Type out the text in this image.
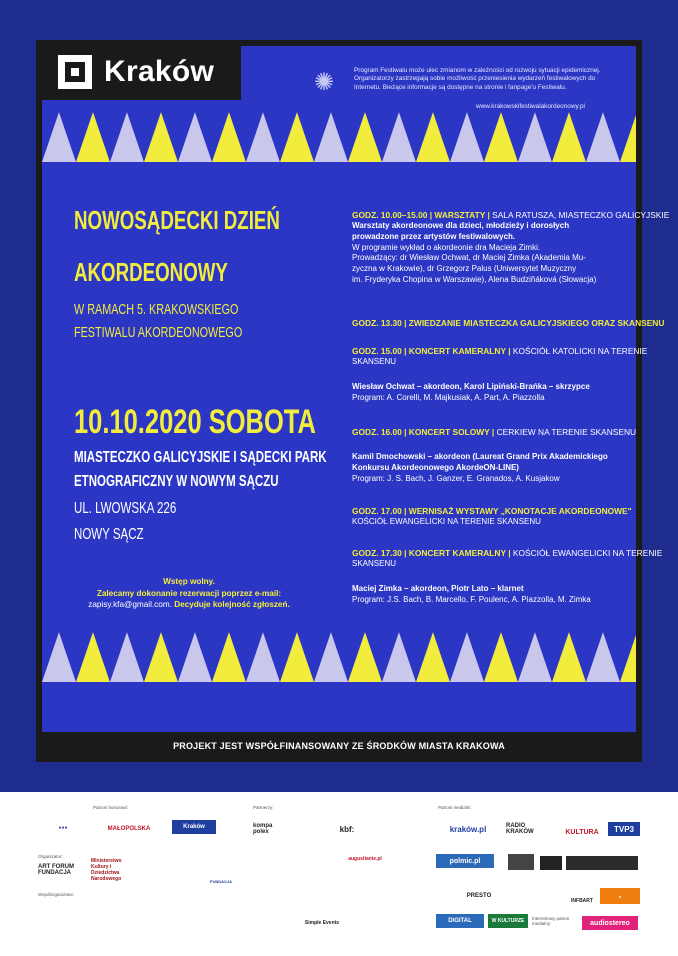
Kraków	✺	Program Festiwalu może ulec zmianom w zależności od rozwoju sytuacji epidemicznej. Organizatorzy zastrzegają sobie możliwość przeniesienia wydarzeń festiwalowych do Internetu. Bieżące informacje są dostępne na stronie i fanpage'u Festiwalu.
www.krakowskifestiwalakordeonowy.pl
NOWOSĄDECKI DZIEŃ
AKORDEONOWY
W RAMACH 5. KRAKOWSKIEGO
FESTIWALU AKORDEONOWEGO
10.10.2020 SOBOTA
MIASTECZKO GALICYJSKIE I SĄDECKI PARK
ETNOGRAFICZNY W NOWYM SĄCZU
UL. LWOWSKA 226
NOWY SĄCZ
Wstęp wolny.
Zalecamy dokonanie rezerwacji poprzez e-mail:
zapisy.kfa@gmail.com. Decyduje kolejność zgłoszeń.
GODZ. 10.00–15.00 | WARSZTATY | SALA RATUSZA, MIASTECZKO GALICYJSKIE
Warsztaty akordeonowe dla dzieci, młodzieży i dorosłych
prowadzone przez artystów festiwalowych.
W programie wykład o akordeonie dra Macieja Zimki.
Prowadzący: dr Wiesław Ochwat, dr Maciej Zimka (Akademia Mu-
zyczna w Krakowie), dr Grzegorz Palus (Uniwersytet Muzyczny
im. Fryderyka Chopina w Warszawie), Alena Budziňáková (Słowacja)
GODZ. 13.30 | ZWIEDZANIE MIASTECZKA GALICYJSKIEGO ORAZ SKANSENU
GODZ. 15.00 | KONCERT KAMERALNY | KOŚCIÓŁ KATOLICKI NA TERENIE
SKANSENU
Wiesław Ochwat – akordeon, Karol Lipiński-Brańka – skrzypce
Program: A. Corelli, M. Majkusiak, A. Part, A. Piazzolla
GODZ. 16.00 | KONCERT SOLOWY | CERKIEW NA TERENIE SKANSENU
Kamil Dmochowski – akordeon (Laureat Grand Prix Akademickiego
Konkursu Akordeonowego AkordeON-LINE)
Program: J. S. Bach, J. Ganzer, E. Granados, A. Kusjakow
GODZ. 17.00 | WERNISAŻ WYSTAWY „KONOTACJE AKORDEONOWE"
KOŚCIÓŁ EWANGELICKI NA TERENIE SKANSENU
GODZ. 17.30 | KONCERT KAMERALNY | KOŚCIÓŁ EWANGELICKI NA TERENIE
SKANSENU
Maciej Zimka – akordeon, Piotr Lato – klarnet
Program: J.S. Bach, B. Marcello, F. Poulenc, A. Piazzolla, M. Zimka
PROJEKT JEST WSPÓŁFINANSOWANY ZE ŚRODKÓW MIASTA KRAKOWA
Patroni honorowi:	Partnerzy:	Patroni medialni:
Organizator:
Współorganizator:
●●●	MAŁOPOLSKA	Kraków
ART FORUM FUNDACJA
Ministerstwo Kultury i Dziedzictwa Narodowego	FUNDACJA
kompa polex	kbf:
augustianie.pl
Simple Events
kraków.pl	RADIO KRAKÓW	KULTURA	TVP3
polmic.pl
PRESTO
DIGITAL	W KULTURZE	Internetowy patron medialny:	audiostereo
●
INFBART
